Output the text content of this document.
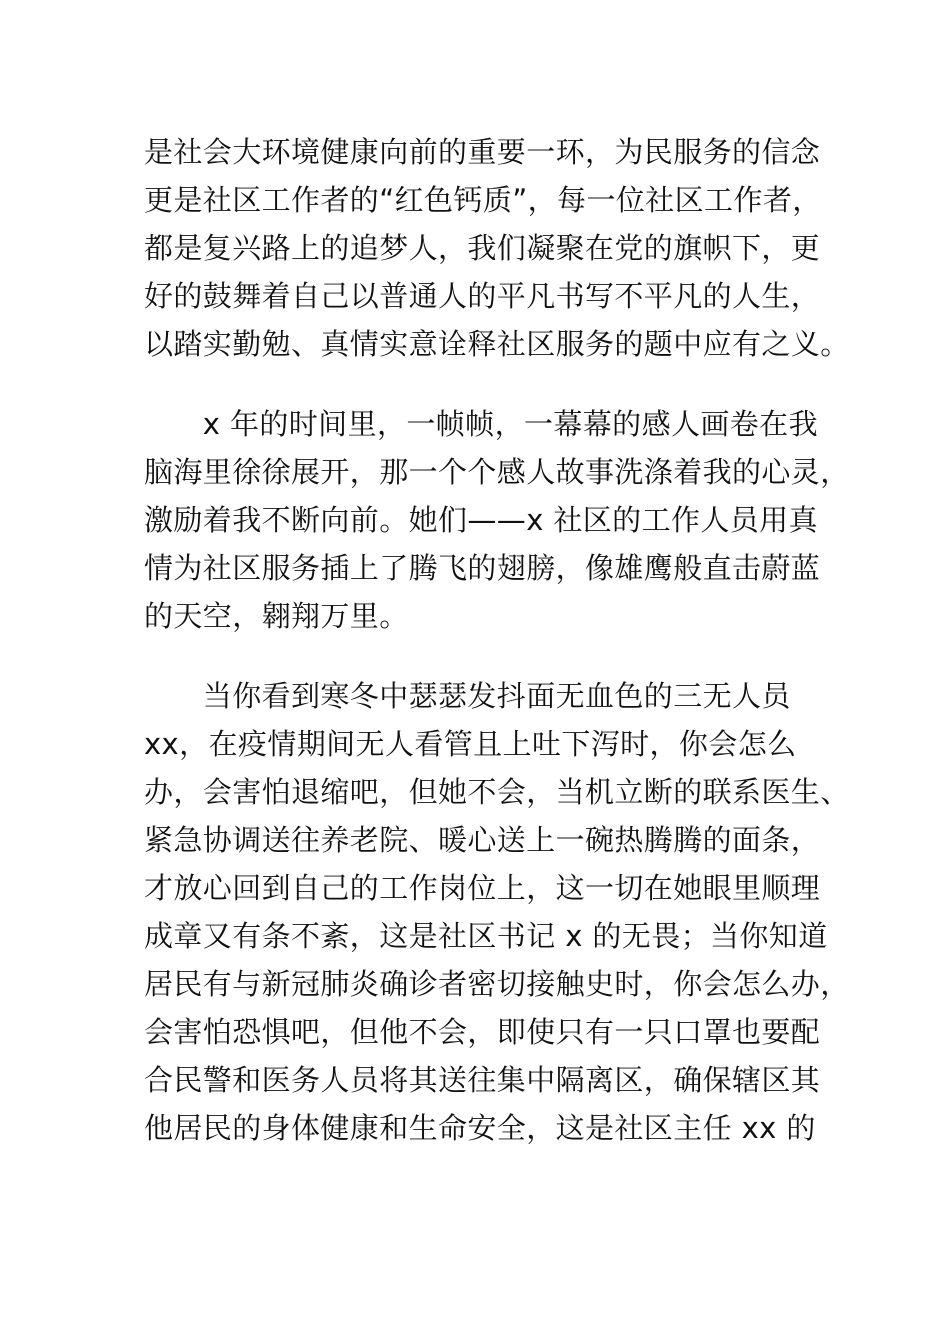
是社会大环境健康向前的重要一环，为民服务的信念
更是社区工作者的“红色钙质”，每一位社区工作者，
都是复兴路上的追梦人，我们凝聚在党的旗帜下，更
好的鼓舞着自己以普通人的平凡书写不平凡的人生，
以踏实勤勉、真情实意诠释社区服务的题中应有之义。

　　x 年的时间里，一帧帧，一幕幕的感人画卷在我
脑海里徐徐展开，那一个个感人故事洗涤着我的心灵，
激励着我不断向前。她们——x 社区的工作人员用真
情为社区服务插上了腾飞的翅膀，像雄鹰般直击蔚蓝
的天空，翱翔万里。

　　当你看到寒冬中瑟瑟发抖面无血色的三无人员
xx，在疫情期间无人看管且上吐下泻时，你会怎么
办，会害怕退缩吧，但她不会，当机立断的联系医生、
紧急协调送往养老院、暖心送上一碗热腾腾的面条，
才放心回到自己的工作岗位上，这一切在她眼里顺理
成章又有条不紊，这是社区书记 x 的无畏；当你知道
居民有与新冠肺炎确诊者密切接触史时，你会怎么办，
会害怕恐惧吧，但他不会，即使只有一只口罩也要配
合民警和医务人员将其送往集中隔离区，确保辖区其
他居民的身体健康和生命安全，这是社区主任 xx 的
